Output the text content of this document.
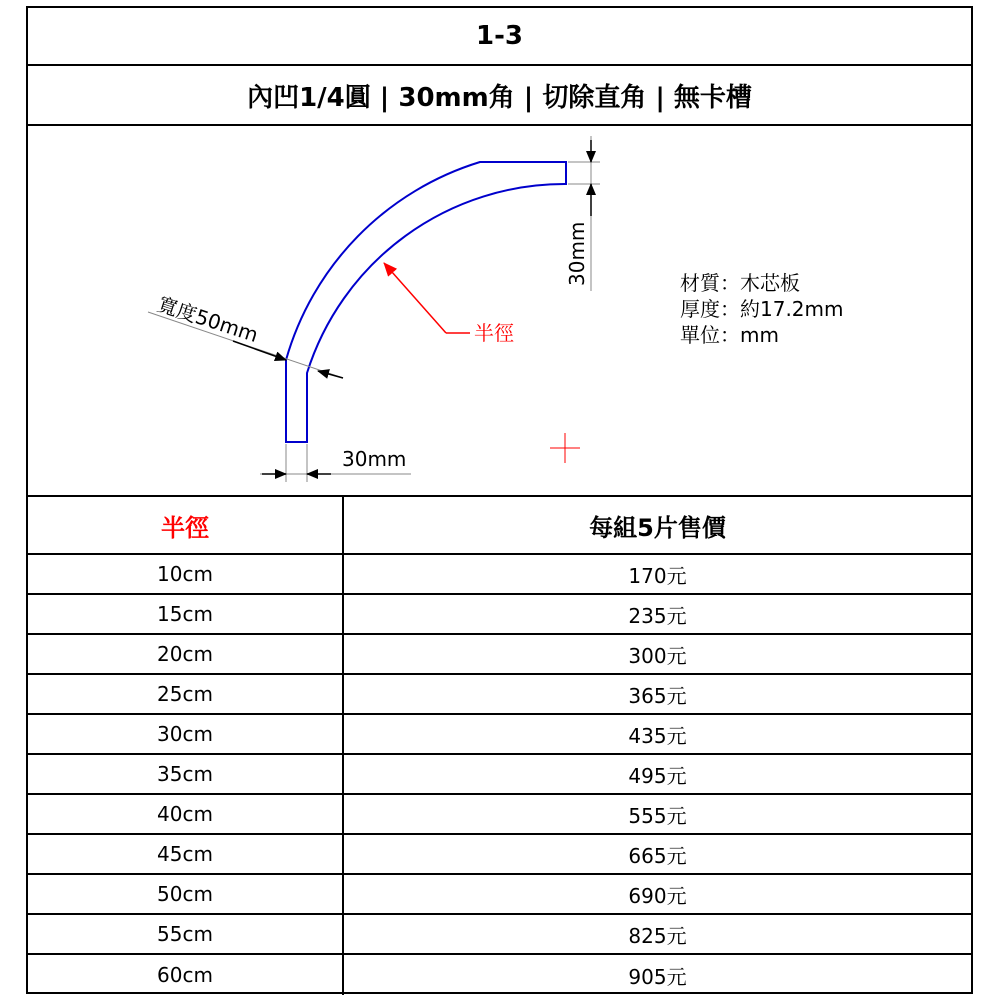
1-3
內凹1/4圓 | 30mm角 | 切除直角 | 無卡槽
寬度50mm	半徑
30mm
30mm
材質：木芯板
厚度：約17.2mm
單位：mm
半徑	每組5片售價
10cm	170元
15cm	235元
20cm	300元
25cm	365元
30cm	435元
35cm	495元
40cm	555元
45cm	665元
50cm	690元
55cm	825元
60cm	905元
